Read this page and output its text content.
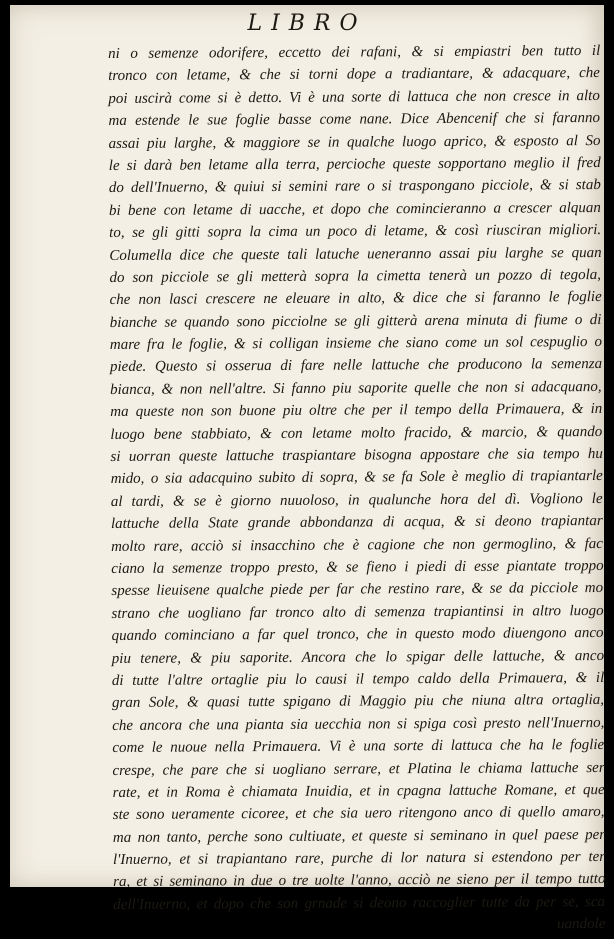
LIBRO
ni o semenze odorifere, eccetto dei rafani, & si empiastri ben tutto il
tronco con letame, & che si torni dope a tradiantare, & adacquare, che
poi uscirà come si è detto. Vi è una sorte di lattuca che non cresce in alto
ma estende le sue foglie basse come nane. Dice Abencenif che si faranno
assai piu larghe, & maggiore se in qualche luogo aprico, & esposto al So
le si darà ben letame alla terra, percioche queste sopportano meglio il fred
do dell'Inuerno, & quiui si semini rare o si traspongano picciole, & si stab
bi bene con letame di uacche, et dopo che comincieranno a crescer alquan
to, se gli gitti sopra la cima un poco di letame, & così riusciran migliori.
Columella dice che queste tali latuche ueneranno assai piu larghe se quan
do son picciole se gli metterà sopra la cimetta tenerà un pozzo di tegola,
che non lasci crescere ne eleuare in alto, & dice che si faranno le foglie
bianche se quando sono picciolne se gli gitterà arena minuta di fiume o di
mare fra le foglie, & si colligan insieme che siano come un sol cespuglio o
piede. Questo si osserua di fare nelle lattuche che producono la semenza
bianca, & non nell'altre. Si fanno piu saporite quelle che non si adacquano,
ma queste non son buone piu oltre che per il tempo della Primauera, & in
luogo bene stabbiato, & con letame molto fracido, & marcio, & quando
si uorran queste lattuche traspiantare bisogna appostare che sia tempo hu
mido, o sia adacquino subito di sopra, & se fa Sole è meglio di trapiantarle
al tardi, & se è giorno nuuoloso, in qualunche hora del dì. Vogliono le
lattuche della State grande abbondanza di acqua, & si deono trapiantar
molto rare, acciò si insacchino che è cagione che non germoglino, & fac
ciano la semenze troppo presto, & se fieno i piedi di esse piantate troppo
spesse lieuisene qualche piede per far che restino rare, & se da picciole mo
strano che uogliano far tronco alto di semenza trapiantinsi in altro luogo
quando cominciano a far quel tronco, che in questo modo diuengono anco
piu tenere, & piu saporite. Ancora che lo spigar delle lattuche, & anco
di tutte l'altre ortaglie piu lo causi il tempo caldo della Primauera, & il
gran Sole, & quasi tutte spigano di Maggio piu che niuna altra ortaglia,
che ancora che una pianta sia uecchia non si spiga così presto nell'Inuerno,
come le nuoue nella Primauera. Vi è una sorte di lattuca che ha le foglie
crespe, che pare che si uogliano serrare, et Platina le chiama lattuche ser
rate, et in Roma è chiamata Inuidia, et in cpagna lattuche Romane, et que
ste sono ueramente cicoree, et che sia uero ritengono anco di quello amaro,
ma non tanto, perche sono cultiuate, et queste si seminano in quel paese per
l'Inuerno, et si trapiantano rare, purche di lor natura si estendono per ter
ra, et si seminano in due o tre uolte l'anno, acciò ne sieno per il tempo tutto
dell'Inuerno, et dopo che son grnade si deono raccoglier tutte da per se, sca
uandole
